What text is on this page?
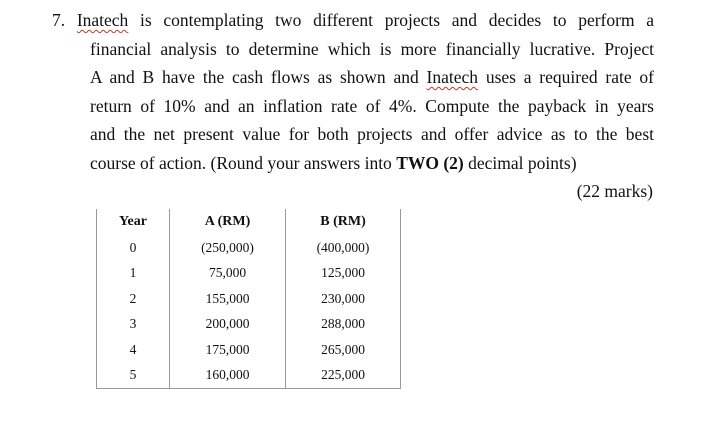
7. Inatech is contemplating two different projects and decides to perform a
financial analysis to determine which is more financially lucrative. Project
A and B have the cash flows as shown and Inatech uses a required rate of
return of 10% and an inflation rate of 4%. Compute the payback in years
and the net present value for both projects and offer advice as to the best
course of action. (Round your answers into TWO (2) decimal points)
(22 marks)
Year	A (RM)	B (RM)
0	(250,000)	(400,000)
1	75,000	125,000
2	155,000	230,000
3	200,000	288,000
4	175,000	265,000
5	160,000	225,000
